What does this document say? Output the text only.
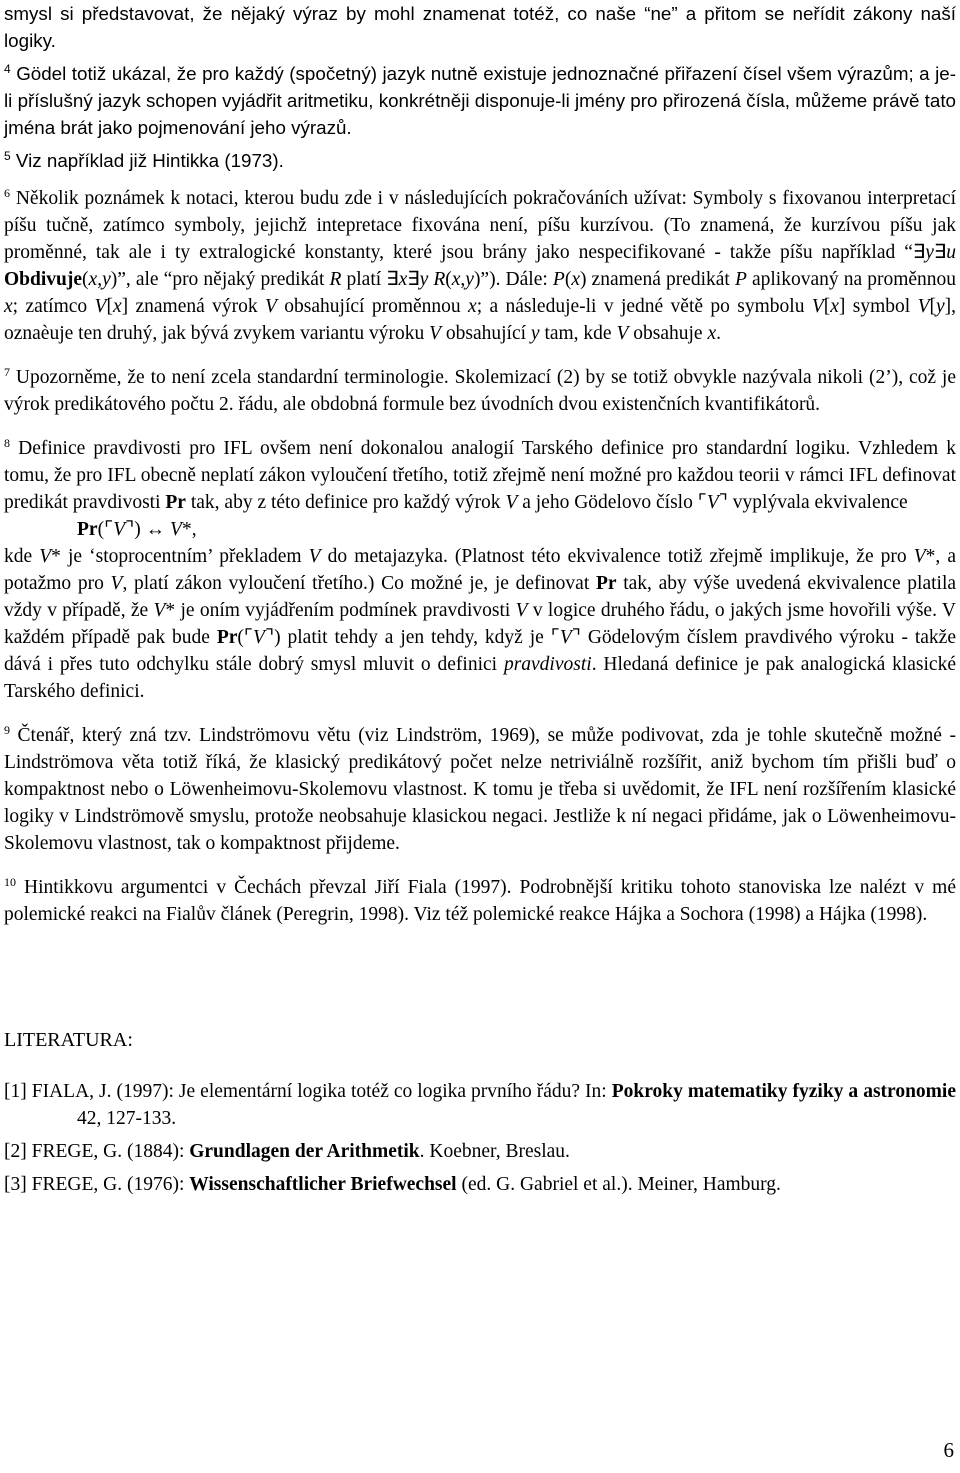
smysl si představovat, že nějaký výraz by mohl znamenat totéž, co naše “ne” a přitom se neřídit zákony naší logiky.

$^4$ Gödel totiž ukázal, že pro každý (spočetný) jazyk nutně existuje jednoznačné přiřazení čísel všem výrazům; a je-li příslušný jazyk schopen vyjádřit aritmetiku, konkrétněji disponuje-li jmény pro přirozená čísla, můžeme právě tato jména brát jako pojmenování jeho výrazů.

$^5$ Viz například již Hintikka (1973).

$^6$ Několik poznámek k notaci, kterou budu zde i v následujících pokračováních užívat: Symboly s fixovanou interpretací píšu tučně, zatímco symboly, jejichž intepretace fixována není, píšu kurzívou. (To znamená, že kurzívou píšu jak proměnné, tak ale i ty extralogické konstanty, které jsou brány jako nespecifikované - takže píšu například “∃y∃u Obdivuje(x,y)”, ale “pro nějaký predikát R platí ∃x∃y R(x,y)”). Dále: P(x) znamená predikát P aplikovaný na proměnnou x; zatímco V[x] znamená výrok V obsahující proměnnou x; a následuje-li v jedné větě po symbolu V[x] symbol V[y], oznaèuje ten druhý, jak bývá zvykem variantu výroku V obsahující y tam, kde V obsahuje x.

$^7$ Upozorněme, že to není zcela standardní terminologie. Skolemizací (2) by se totiž obvykle nazývala nikoli (2’), což je výrok predikátového počtu 2. řádu, ale obdobná formule bez úvodních dvou existenčních kvantifikátorů.

$^8$ Definice pravdivosti pro IFL ovšem není dokonalou analogií Tarského definice pro standardní logiku. Vzhledem k tomu, že pro IFL obecně neplatí zákon vyloučení třetího, totiž zřejmě není možné pro každou teorii v rámci IFL definovat predikát pravdivosti Pr tak, aby z této definice pro každý výrok V a jeho Gödelovo číslo ⌜V⌝ vyplývala ekvivalence

Pr(⌜V⌝) ↔ V*,

kde V* je ‘stoprocentním’ překladem V do metajazyka. (Platnost této ekvivalence totiž zřejmě implikuje, že pro V*, a potažmo pro V, platí zákon vyloučení třetího.) Co možné je, je definovat Pr tak, aby výše uvedená ekvivalence platila vždy v případě, že V* je oním vyjádřením podmínek pravdivosti V v logice druhého řádu, o jakých jsme hovořili výše. V každém případě pak bude Pr(⌜V⌝) platit tehdy a jen tehdy, když je ⌜V⌝ Gödelovým číslem pravdivého výroku - takže dává i přes tuto odchylku stále dobrý smysl mluvit o definici pravdivosti. Hledaná definice je pak analogická klasické Tarského definici.

$^9$ Čtenář, který zná tzv. Lindströmovu větu (viz Lindström, 1969), se může podivovat, zda je tohle skutečně možné - Lindströmova věta totiž říká, že klasický predikátový počet nelze netriviálně rozšířit, aniž bychom tím přišli buď o kompaktnost nebo o Löwenheimovu-Skolemovu vlastnost. K tomu je třeba si uvědomit, že IFL není rozšířením klasické logiky v Lindströmově smyslu, protože neobsahuje klasickou negaci. Jestliže k ní negaci přidáme, jak o Löwenheimovu-Skolemovu vlastnost, tak o kompaktnost přijdeme.

$^{10}$ Hintikkovu argumentci v Čechách převzal Jiří Fiala (1997). Podrobnější kritiku tohoto stanoviska lze nalézt v mé polemické reakci na Fialův článek (Peregrin, 1998). Viz též polemické reakce Hájka a Sochora (1998) a Hájka (1998).

LITERATURA:

[1] FIALA, J. (1997): Je elementární logika totéž co logika prvního řádu? In: Pokroky matematiky fyziky a astronomie 42, 127-133.

[2] FREGE, G. (1884): Grundlagen der Arithmetik. Koebner, Breslau.

[3] FREGE, G. (1976): Wissenschaftlicher Briefwechsel (ed. G. Gabriel et al.). Meiner, Hamburg.

6
